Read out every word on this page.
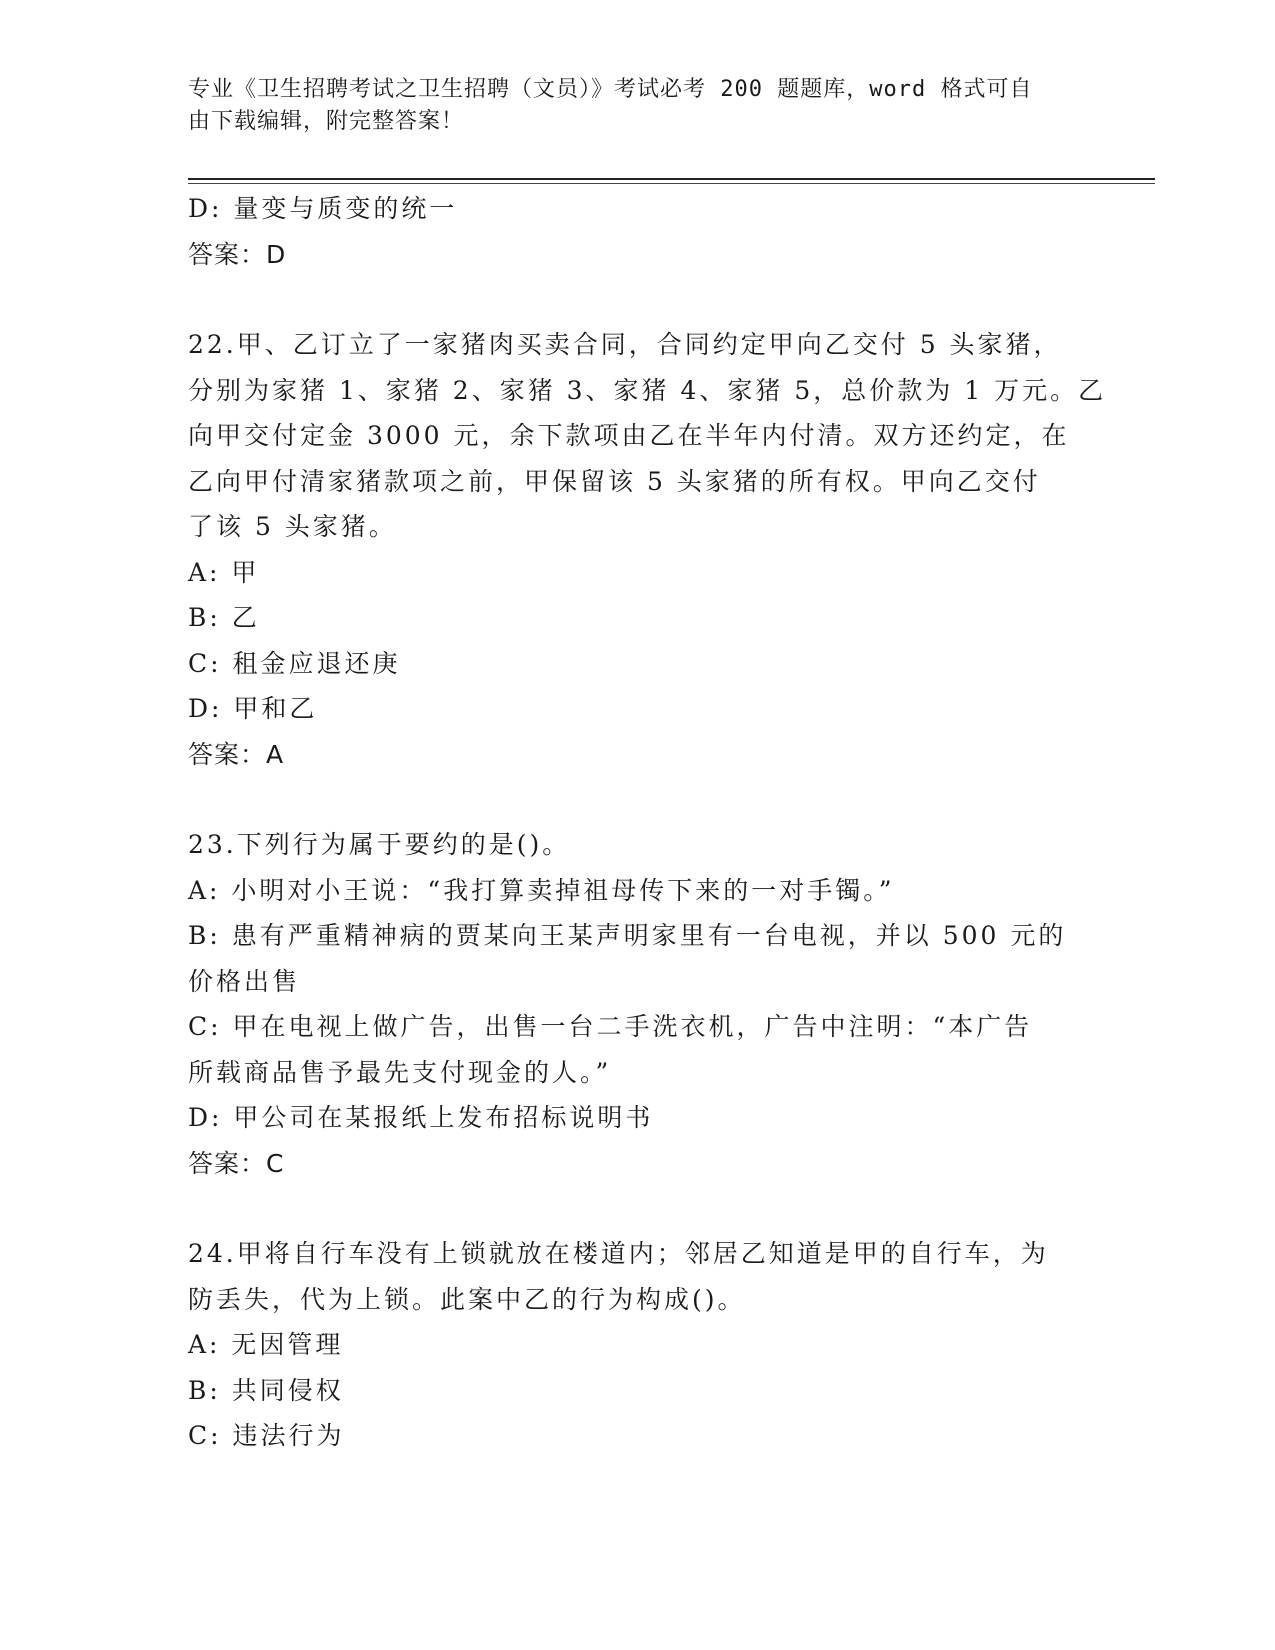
专业《卫生招聘考试之卫生招聘（文员）》考试必考 200 题题库，word 格式可自
由下载编辑，附完整答案！
D: 量变与质变的统一
答案：D
22.甲、乙订立了一家猪肉买卖合同，合同约定甲向乙交付 5 头家猪，
分别为家猪 1、家猪 2、家猪 3、家猪 4、家猪 5，总价款为 1 万元。乙
向甲交付定金 3000 元，余下款项由乙在半年内付清。双方还约定，在
乙向甲付清家猪款项之前，甲保留该 5 头家猪的所有权。甲向乙交付
了该 5 头家猪。
A: 甲
B: 乙
C: 租金应退还庚
D: 甲和乙
答案：A
23.下列行为属于要约的是()。
A: 小明对小王说：“我打算卖掉祖母传下来的一对手镯。”
B: 患有严重精神病的贾某向王某声明家里有一台电视，并以 500 元的
价格出售
C: 甲在电视上做广告，出售一台二手洗衣机，广告中注明：“本广告
所载商品售予最先支付现金的人。”
D: 甲公司在某报纸上发布招标说明书
答案：C
24.甲将自行车没有上锁就放在楼道内；邻居乙知道是甲的自行车，为
防丢失，代为上锁。此案中乙的行为构成()。
A: 无因管理
B: 共同侵权
C: 违法行为
